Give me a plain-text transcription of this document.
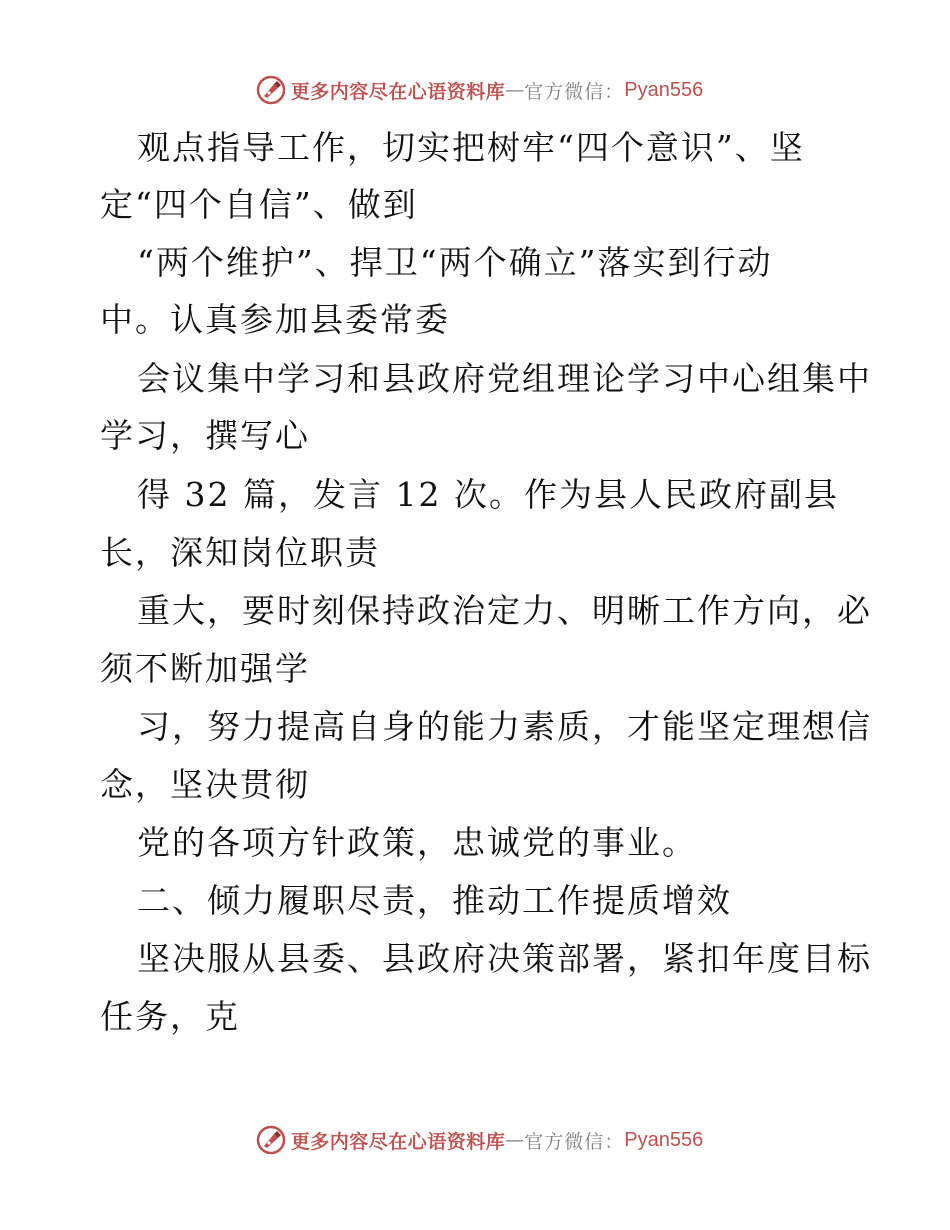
更多内容尽在心语资料库 — 官方微信： Pyan556
观点指导工作，切实把树牢“四个意识”、坚
定“四个自信”、做到
“两个维护”、捍卫“两个确立”落实到行动
中。认真参加县委常委
会议集中学习和县政府党组理论学习中心组集中
学习，撰写心
得 32 篇，发言 12 次。作为县人民政府副县
长，深知岗位职责
重大，要时刻保持政治定力、明晰工作方向，必
须不断加强学
习，努力提高自身的能力素质，才能坚定理想信
念，坚决贯彻
党的各项方针政策，忠诚党的事业。
二、倾力履职尽责，推动工作提质增效
坚决服从县委、县政府决策部署，紧扣年度目标
任务，克
更多内容尽在心语资料库 — 官方微信： Pyan556
